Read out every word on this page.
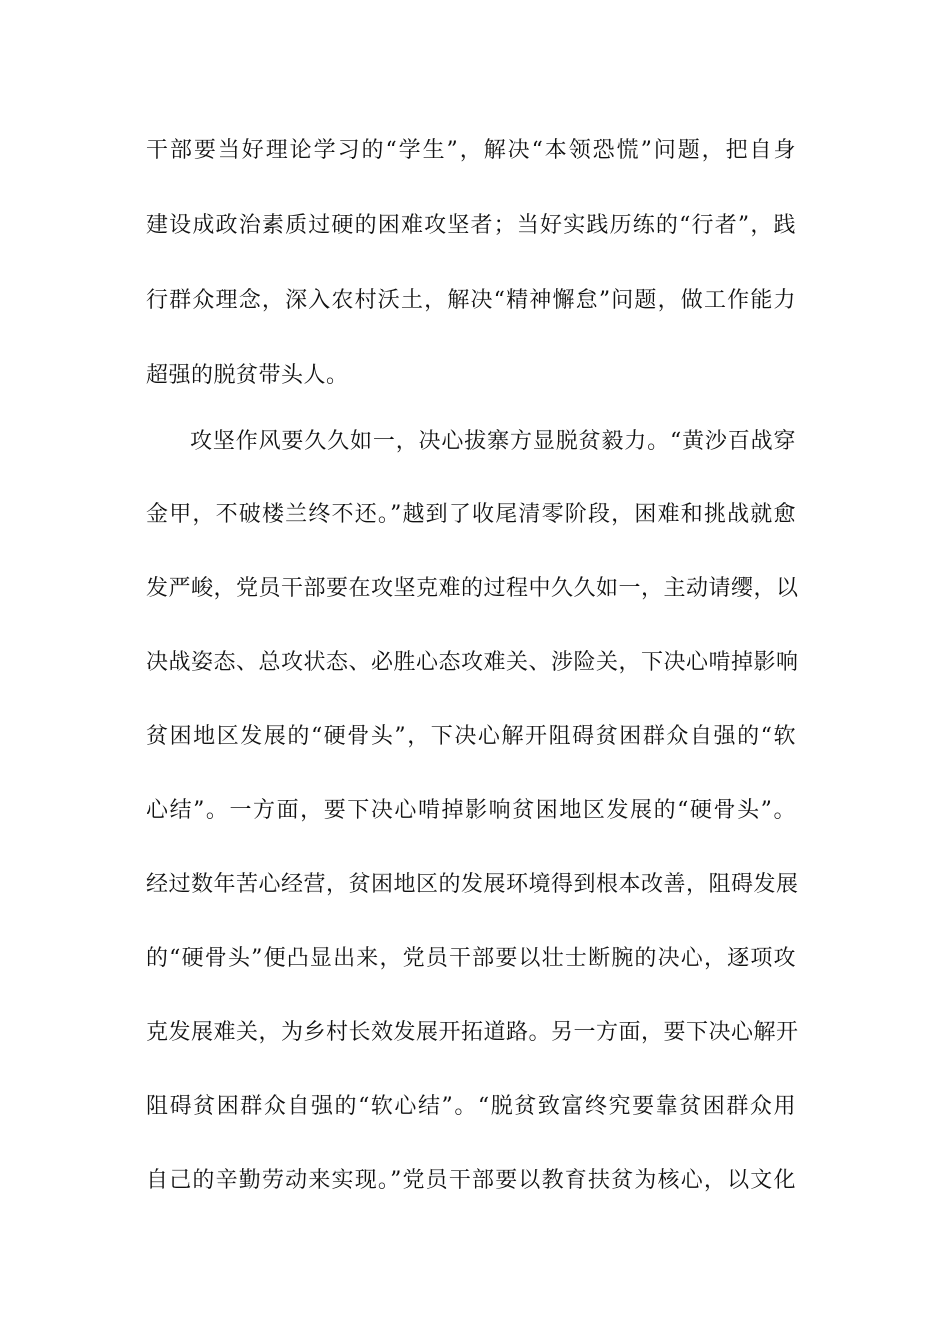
干部要当好理论学习的“学生”，解决“本领恐慌”问题，把自身
建设成政治素质过硬的困难攻坚者；当好实践历练的“行者”，践
行群众理念，深入农村沃土，解决“精神懈怠”问题，做工作能力
超强的脱贫带头人。
攻坚作风要久久如一，决心拔寨方显脱贫毅力。“黄沙百战穿
金甲，不破楼兰终不还。”越到了收尾清零阶段，困难和挑战就愈
发严峻，党员干部要在攻坚克难的过程中久久如一，主动请缨，以
决战姿态、总攻状态、必胜心态攻难关、涉险关，下决心啃掉影响
贫困地区发展的“硬骨头”，下决心解开阻碍贫困群众自强的“软
心结”。一方面，要下决心啃掉影响贫困地区发展的“硬骨头”。
经过数年苦心经营，贫困地区的发展环境得到根本改善，阻碍发展
的“硬骨头”便凸显出来，党员干部要以壮士断腕的决心，逐项攻
克发展难关，为乡村长效发展开拓道路。另一方面，要下决心解开
阻碍贫困群众自强的“软心结”。“脱贫致富终究要靠贫困群众用
自己的辛勤劳动来实现。”党员干部要以教育扶贫为核心，以文化
